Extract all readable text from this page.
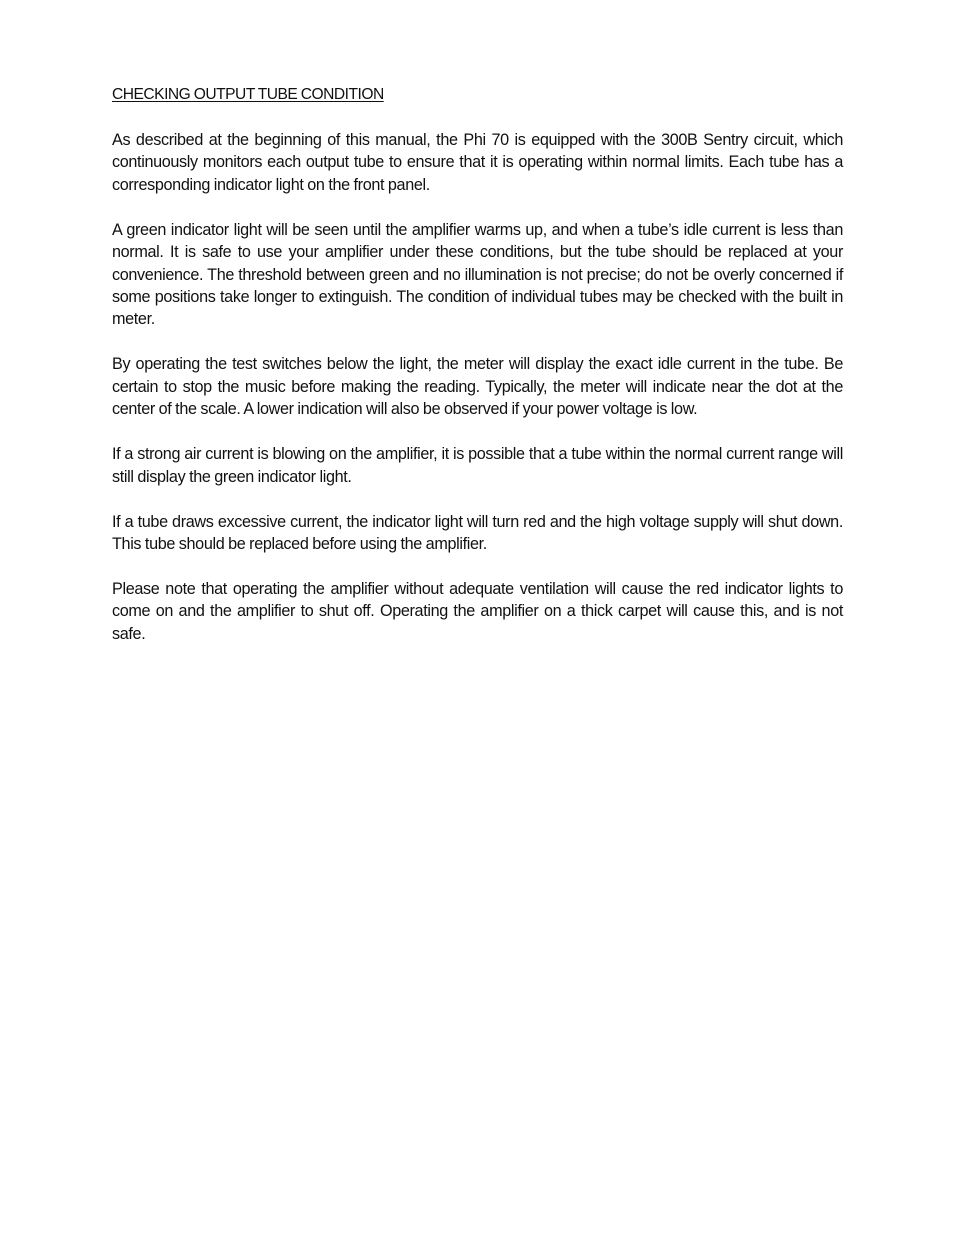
CHECKING OUTPUT TUBE CONDITION

As described at the beginning of this manual, the Phi 70 is equipped with the 300B Sentry circuit, which continuously monitors each output tube to ensure that it is operating within normal limits. Each tube has a corresponding indicator light on the front panel.

A green indicator light will be seen until the amplifier warms up, and when a tube’s idle current is less than normal. It is safe to use your amplifier under these conditions, but the tube should be replaced at your convenience. The threshold between green and no illumination is not precise; do not be overly concerned if some positions take longer to extinguish. The condition of individual tubes may be checked with the built in meter.

By operating the test switches below the light, the meter will display the exact idle current in the tube. Be certain to stop the music before making the reading. Typically, the meter will indicate near the dot at the center of the scale. A lower indication will also be observed if your power voltage is low.

If a strong air current is blowing on the amplifier, it is possible that a tube within the normal current range will still display the green indicator light.

If a tube draws excessive current, the indicator light will turn red and the high voltage supply will shut down. This tube should be replaced before using the amplifier.

Please note that operating the amplifier without adequate ventilation will cause the red indicator lights to come on and the amplifier to shut off. Operating the amplifier on a thick carpet will cause this, and is not safe.
